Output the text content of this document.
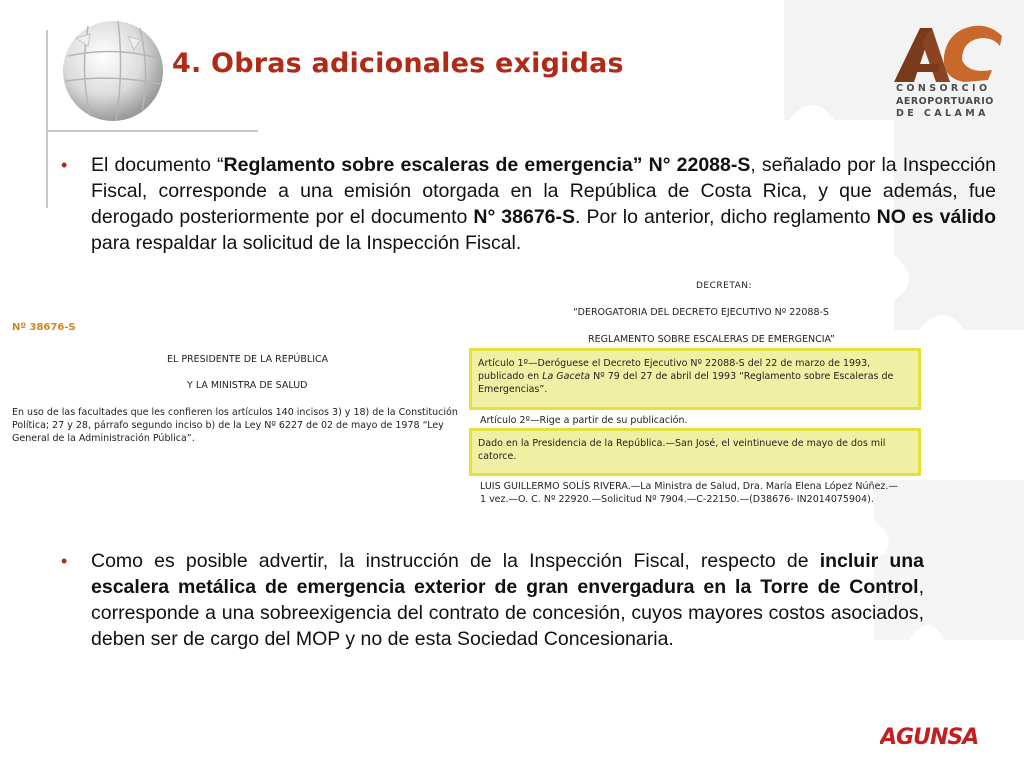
4. Obras adicionales exigidas
CONSORCIO
AEROPORTUARIO
DE CALAMA
• El documento “Reglamento sobre escaleras de emergencia” N° 22088-S, señalado por la Inspección Fiscal, corresponde a una emisión otorgada en la República de Costa Rica, y que además, fue derogado posteriormente por el documento N° 38676-S. Por lo anterior, dicho reglamento NO es válido para respaldar la solicitud de la Inspección Fiscal.
Nº 38676-S
EL PRESIDENTE DE LA REPÚBLICA
Y LA MINISTRA DE SALUD
En uso de las facultades que les confieren los artículos 140 incisos 3) y 18) de la Constitución Política; 27 y 28, párrafo segundo inciso b) de la Ley Nº 6227 de 02 de mayo de 1978 “Ley General de la Administración Pública”.
DECRETAN:
“DEROGATORIA DEL DECRETO EJECUTIVO Nº 22088-S
REGLAMENTO SOBRE ESCALERAS DE EMERGENCIA”
Artículo 1º—Deróguese el Decreto Ejecutivo Nº 22088-S del 22 de marzo de 1993, publicado en La Gaceta Nº 79 del 27 de abril del 1993 “Reglamento sobre Escaleras de Emergencias”.
Artículo 2º—Rige a partir de su publicación.
Dado en la Presidencia de la República.—San José, el veintinueve de mayo de dos mil catorce.
LUIS GUILLERMO SOLÍS RIVERA.—La Ministra de Salud, Dra. María Elena López Núñez.—1 vez.—O. C. Nº 22920.—Solicitud Nº 7904.—C-22150.—(D38676- IN2014075904).
• Como es posible advertir, la instrucción de la Inspección Fiscal, respecto de incluir una escalera metálica de emergencia exterior de gran envergadura en la Torre de Control, corresponde a una sobreexigencia del contrato de concesión, cuyos mayores costos asociados, deben ser de cargo del MOP y no de esta Sociedad Concesionaria.
AGUNSA
